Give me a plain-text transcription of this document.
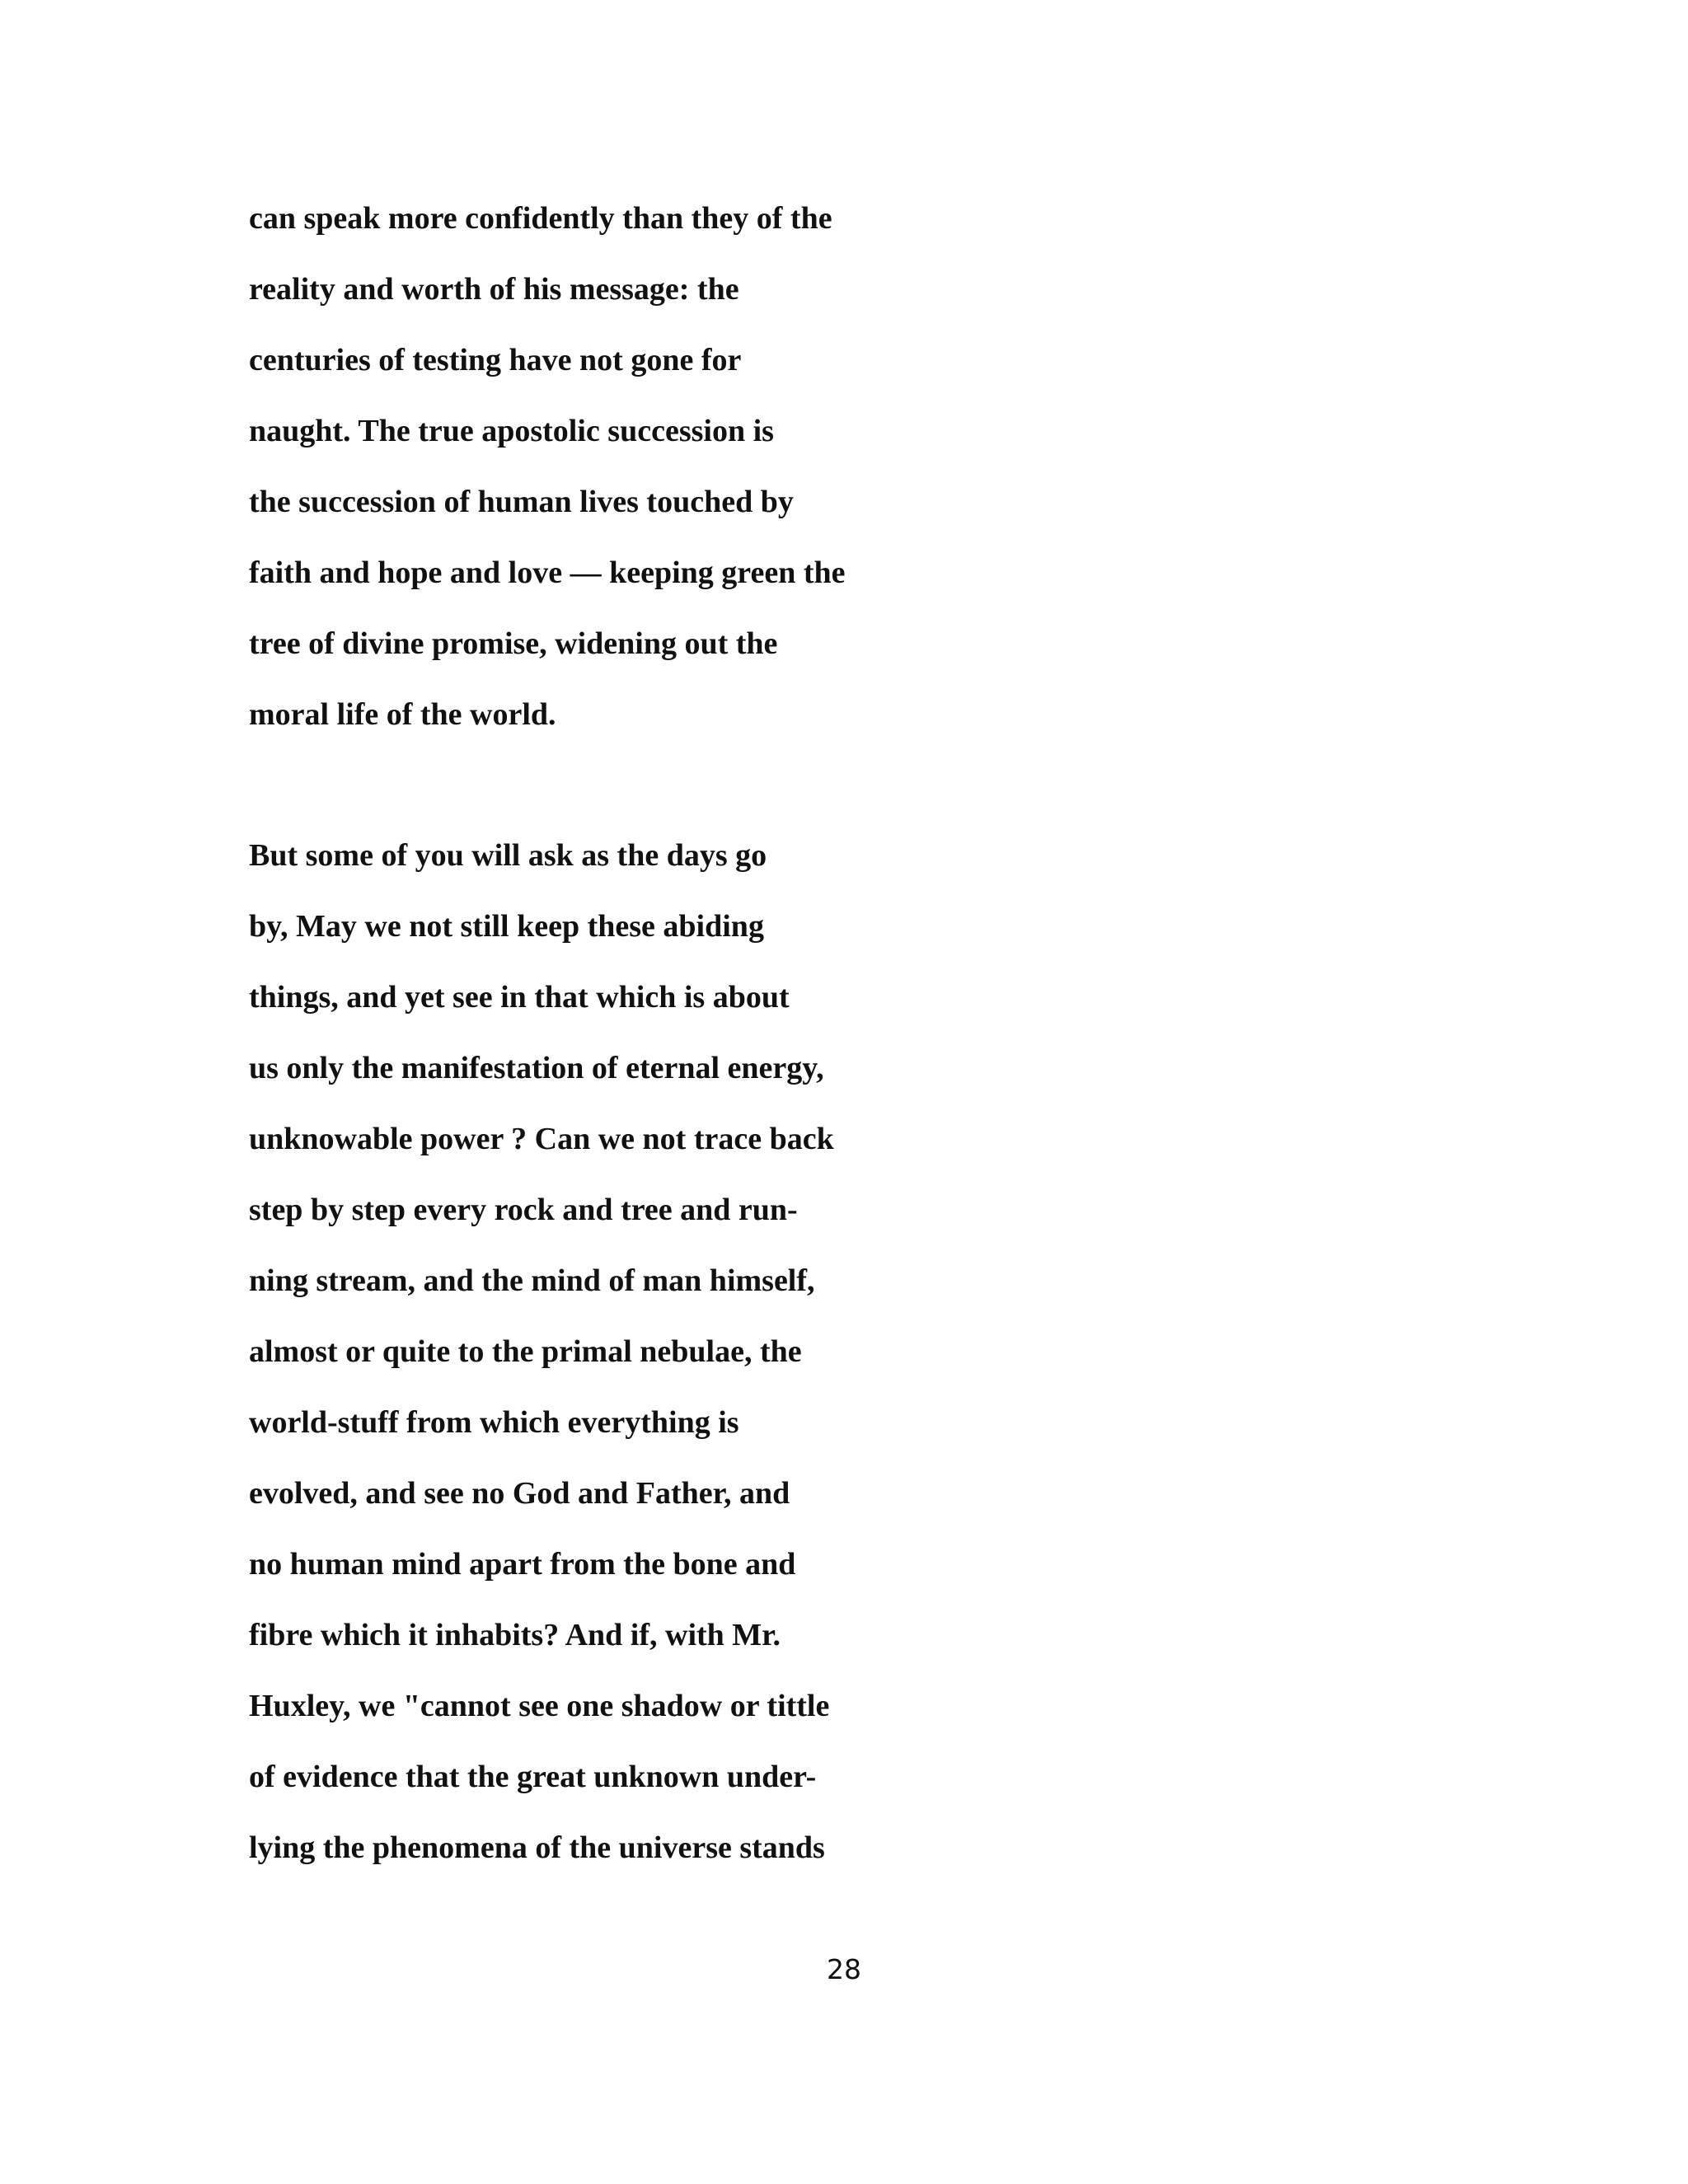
can speak more confidently than they of the
reality and worth of his message: the
centuries of testing have not gone for
naught. The true apostolic succession is
the succession of human lives touched by
faith and hope and love — keeping green the
tree of divine promise, widening out the
moral life of the world.
But some of you will ask as the days go
by, May we not still keep these abiding
things, and yet see in that which is about
us only the manifestation of eternal energy,
unknowable power ? Can we not trace back
step by step every rock and tree and run-
ning stream, and the mind of man himself,
almost or quite to the primal nebulae, the
world-stuff from which everything is
evolved, and see no God and Father, and
no human mind apart from the bone and
fibre which it inhabits? And if, with Mr.
Huxley, we "cannot see one shadow or tittle
of evidence that the great unknown under-
lying the phenomena of the universe stands
28
